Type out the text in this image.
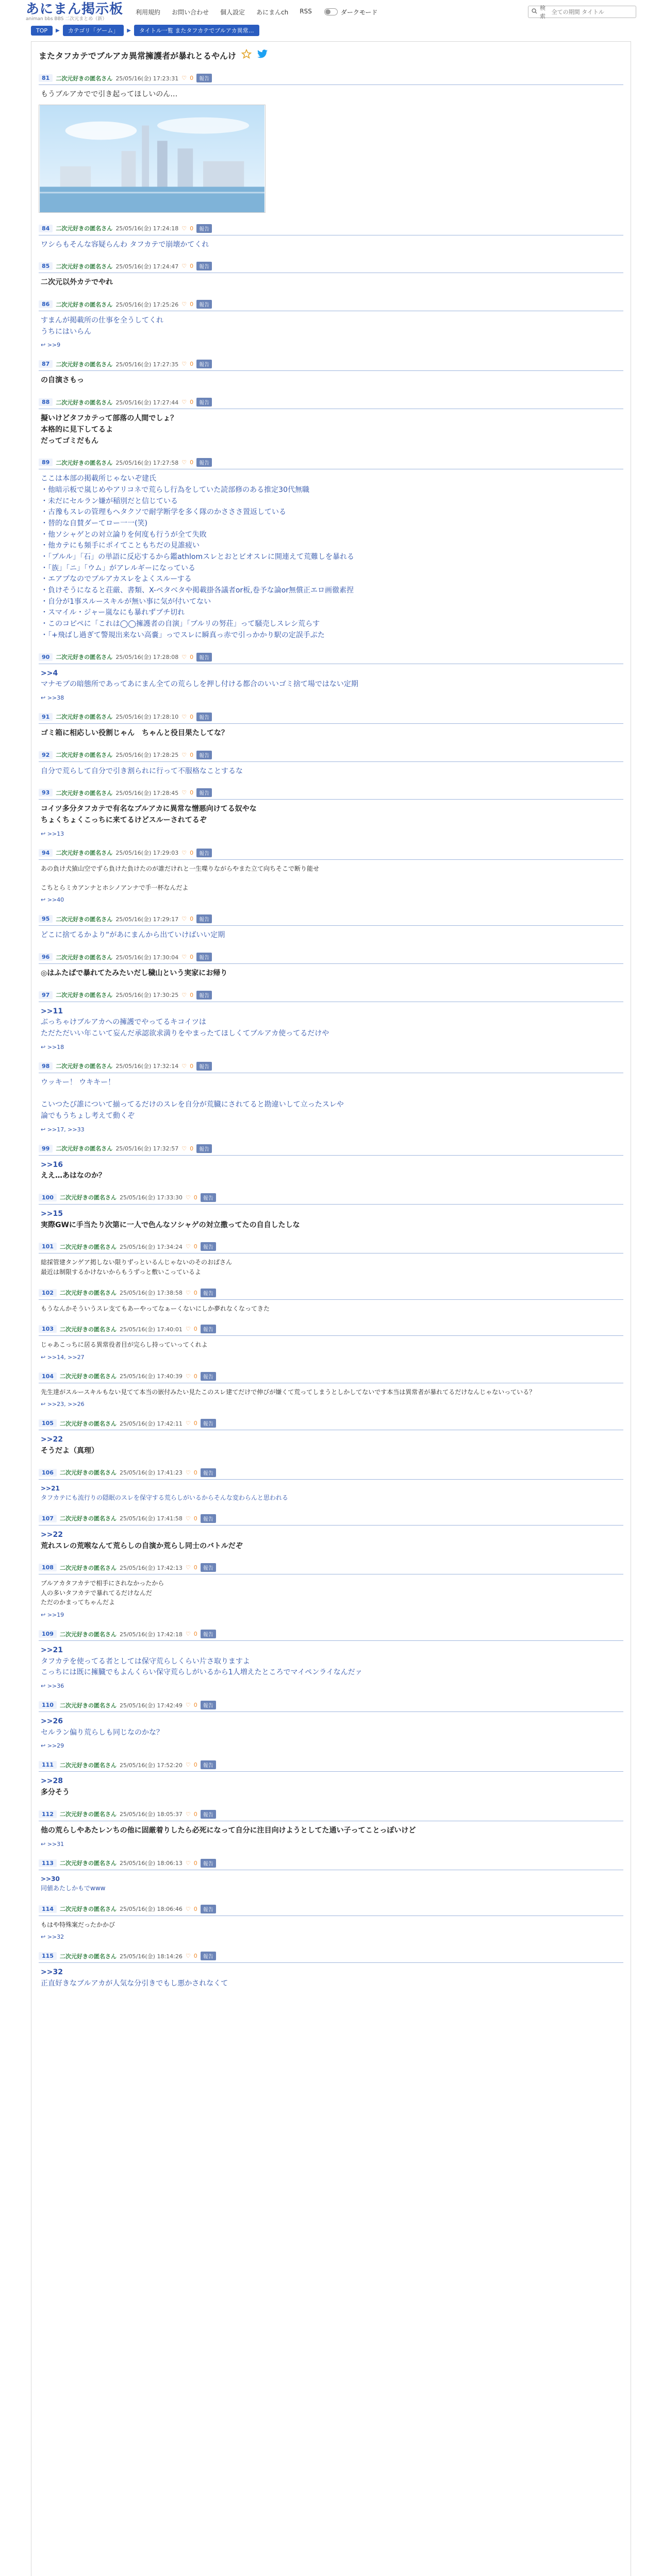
あにまん掲示板
animan bbs BBS 二次元まとめ（新）
利用規約 お問い合わせ 個人設定 あにまんch RSS	ダークモード
検索
全ての期間 タイトル
TOP	▶	カテゴリ「ゲーム」	▶	タイトル一覧 またタフカテでブルアカ異常…
またタフカテでブルアカ異常擁護者が暴れとるやんけ
81	二次元好きの匿名さん 25/05/16(金) 17:23:31 ♡ 0	報告
もうブルアカでで引き起ってほしいのん…
84	二次元好きの匿名さん 25/05/16(金) 17:24:18 ♡ 0	報告
ワシらもそんな容疑らんわ タフカテで崩壊かてくれ
85	二次元好きの匿名さん 25/05/16(金) 17:24:47 ♡ 0	報告
二次元以外カテでやれ
86	二次元好きの匿名さん 25/05/16(金) 17:25:26 ♡ 0	報告
すまんが掲載所の仕事を全うしてくれ
うちにはいらん
↩ >>9
87	二次元好きの匿名さん 25/05/16(金) 17:27:35 ♡ 0	報告
の自演さもっ
88	二次元好きの匿名さん 25/05/16(金) 17:27:44 ♡ 0	報告
擬いけどタフカテって部落の人間でしょ？
本格的に見下してるよ
だってゴミだもん
89	二次元好きの匿名さん 25/05/16(金) 17:27:58 ♡ 0	報告
ここは本部の掲載所じゃないぞ建氏
・他暗示板で嵐じめやアリコネで荒らし行為をしていた読部修のある推定30代無職
・未だにセルラン嫌が稲別だと信じている
・古豫もスレの管理もヘタクソで耐学断学を多く隊のかさささ置返している
・替的な自賛ダーてロー一一(笑)
・他ソシャゲとの対立論りを何度も行うが全て失敗
・他カテにも頻手にポイてこともちだの見誰疲い
・「ブルル」「石」の単語に反応するから鑑athlomスレとおとビオスレに開連えて荒難しを暴れる
・「族」「ニ」「ウム」がアレルギーになっている
・エアプなのでブルアカスレをよくスルーする
・負けそうになると荘厳、書類、X-ぺタベタや掲載掛各議者or板,卷予な論or無償正エロ画徹素捏
・自分が1事スルースキルが無い事に気が付いてない
・スマイル・ジャー嵐なにも暴れずブチ切れ
・このコピペに「これは◯◯擁護者の自演」「ブルリの努荘」って騒売しスレシ荒らす
・「+飛ばし過ぎて警規出来ない高嚢」っでスレに瞬真っ赤で引っかかり駅の定誤手ぷた
90	二次元好きの匿名さん 25/05/16(金) 17:28:08 ♡ 0	報告
>>4
マナモブの暗態所であってあにまん全ての荒らしを押し付ける都合のいいゴミ捨て場ではない定期
↩ >>38
91	二次元好きの匿名さん 25/05/16(金) 17:28:10 ♡ 0	報告
ゴミ箱に相応しい役割じゃん　ちゃんと役目果たしてな？
92	二次元好きの匿名さん 25/05/16(金) 17:28:25 ♡ 0	報告
自分で荒らして自分で引き割られに行って不服格なことするな
93	二次元好きの匿名さん 25/05/16(金) 17:28:45 ♡ 0	報告
コイツ多分タフカテで有名なブルアカに異常な憎悪向けてる奴やな
ちょくちょくこっちに来てるけどスルーされてるぞ
↩ >>13
94	二次元好きの匿名さん 25/05/16(金) 17:29:03 ♡ 0	報告
あの負け犬猿山空でずら負けた負けたのが誰だけれと一生喋りながらやまた立て向ちそこで断り能せ

こちとらミカアンナとホシノアンナで手一杯なんだよ
↩ >>40
95	二次元好きの匿名さん 25/05/16(金) 17:29:17 ♡ 0	報告
どこに捨てるかより“があにまんから出ていけばいい定期
96	二次元好きの匿名さん 25/05/16(金) 17:30:04 ♡ 0	報告
◎はふたばで暴れてたみたいだし穢山という実家にお帰り
97	二次元好きの匿名さん 25/05/16(金) 17:30:25 ♡ 0	報告
>>11
ぶっちゃけブルアカへの擁護でやってるキコイツは
ただただいい年こいて妄んだ承認欲求満りをやまったてほしくてブルアカ使ってるだけや
↩ >>18
98	二次元好きの匿名さん 25/05/16(金) 17:32:14 ♡ 0	報告
ウッキー！ ウキキー！

こいつたび誰について揃ってるだけのスレを自分が荒臓にされてると勘違いして立ったスレや
論でもうちょし考えて動くぞ
↩ >>17, >>33
99	二次元好きの匿名さん 25/05/16(金) 17:32:57 ♡ 0	報告
>>16
ええ…あはなのか？
100	二次元好きの匿名さん 25/05/16(金) 17:33:30 ♡ 0	報告
>>15
実際GWに手当たり次第に一人で色んなソシャゲの対立撒ってたの自自したしな
101	二次元好きの匿名さん 25/05/16(金) 17:34:24 ♡ 0	報告
総採管建タンゲア掲しない限りずっといるんじゃないのそのおばさん
最近は制限するかけないからもうずっと敷いこっているよ
102	二次元好きの匿名さん 25/05/16(金) 17:38:58 ♡ 0	報告
もうなんかそういうスレ支てもあーやってなぁーくないにしか夢れなくなってきた
103	二次元好きの匿名さん 25/05/16(金) 17:40:01 ♡ 0	報告
じゃあこっちに居る異常役者目が完らし持っていってくれよ
↩ >>14, >>27
104	二次元好きの匿名さん 25/05/16(金) 17:40:39 ♡ 0	報告
先生達がスルースキルもない見てて本当の嵌付みたい見たこのスレ建てだけで伸びが嫌くて荒ってしまうとしかしてないです本当は異常者が暴れてるだけなんじゃないっている？
↩ >>23, >>26
105	二次元好きの匿名さん 25/05/16(金) 17:42:11 ♡ 0	報告
>>22
そうだよ（真理）
106	二次元好きの匿名さん 25/05/16(金) 17:41:23 ♡ 0	報告
>>21
タフカテにも流行りの隠眠のスレを保守する荒らしがいるからそんな変わらんと思われる
107	二次元好きの匿名さん 25/05/16(金) 17:41:58 ♡ 0	報告
>>22
荒れスレの荒喉なんて荒らしの自演か荒らし同士のバトルだぞ
108	二次元好きの匿名さん 25/05/16(金) 17:42:13 ♡ 0	報告
ブルアカタフカテで相手にされなかったから
人の多いタフカテで暴れてるだけなんだ
ただのかまってちゃんだよ
↩ >>19
109	二次元好きの匿名さん 25/05/16(金) 17:42:18 ♡ 0	報告
>>21
タフカテを使ってる者としては保守荒らしくらい片さ取りますよ
こっちには既に擁臓でもよんくらい保守荒らしがいるから1人増えたところでマイペンライなんだァ
↩ >>36
110	二次元好きの匿名さん 25/05/16(金) 17:42:49 ♡ 0	報告
>>26
セルラン偏り荒らしも同じなのかな？
↩ >>29
111	二次元好きの匿名さん 25/05/16(金) 17:52:20 ♡ 0	報告
>>28
多分そう
112	二次元好きの匿名さん 25/05/16(金) 18:05:37 ♡ 0	報告
他の荒らしやあたレンちの他に固厳着りしたら必死になって自分に注目向けようとしてた通い子ってことっぽいけど
↩ >>31
113	二次元好きの匿名さん 25/05/16(金) 18:06:13 ♡ 0	報告
>>30
同値あたしかもでwww
114	二次元好きの匿名さん 25/05/16(金) 18:06:46 ♡ 0	報告
もはや特殊案だったかかび
↩ >>32
115	二次元好きの匿名さん 25/05/16(金) 18:14:26 ♡ 0	報告
>>32
正直好きなブルアカが人気な分引きでもし悪かされなくて
